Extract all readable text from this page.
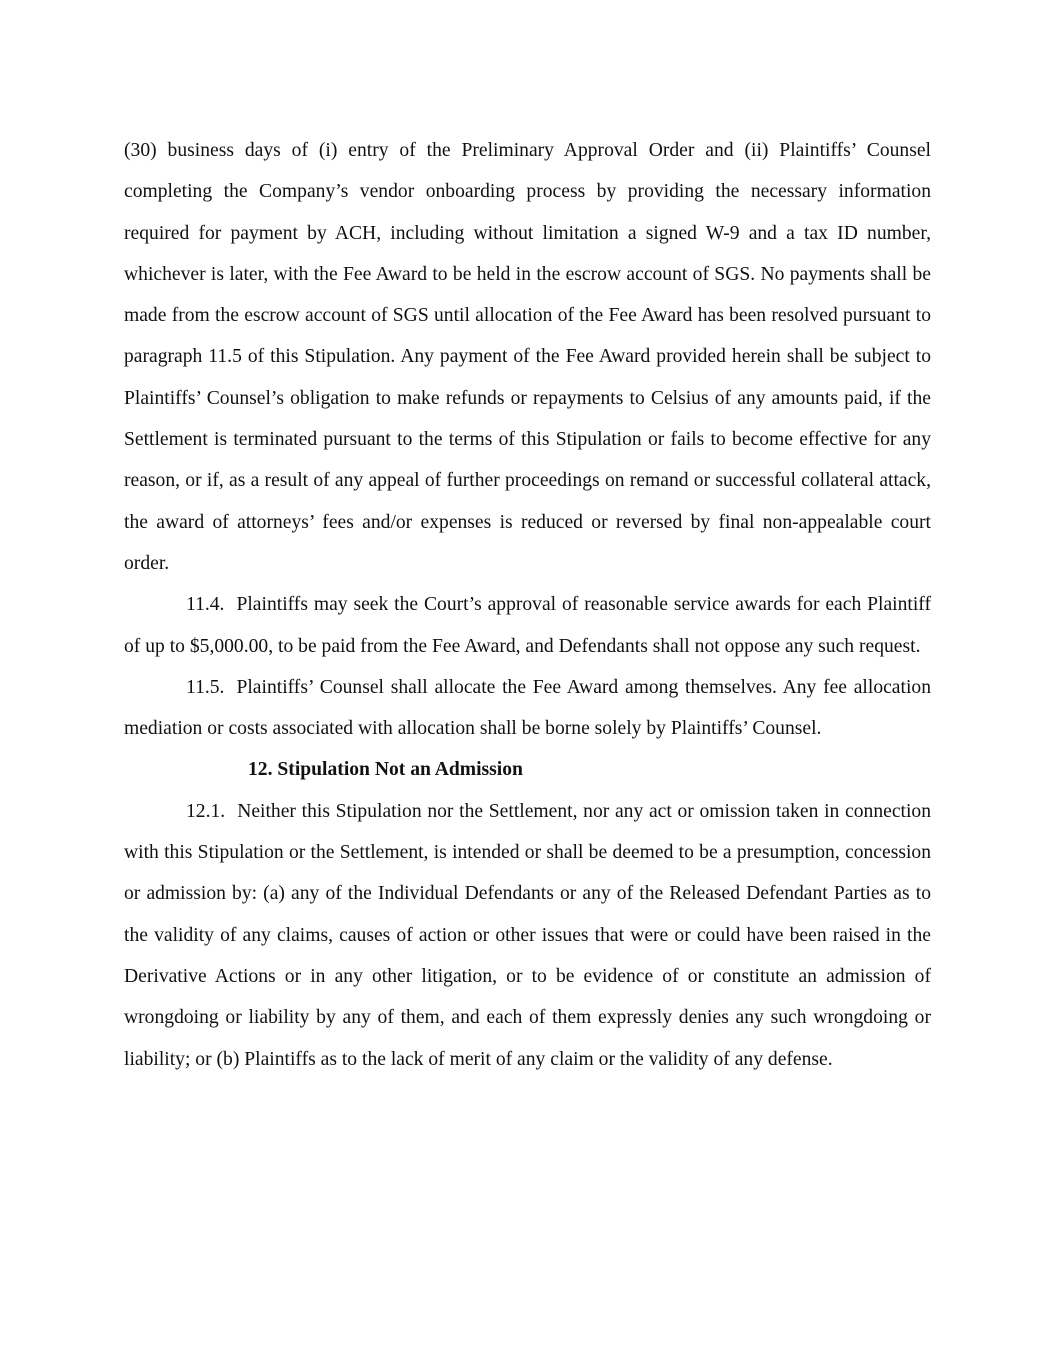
(30) business days of (i) entry of the Preliminary Approval Order and (ii) Plaintiffs’ Counsel completing the Company’s vendor onboarding process by providing the necessary information required for payment by ACH, including without limitation a signed W-9 and a tax ID number, whichever is later, with the Fee Award to be held in the escrow account of SGS. No payments shall be made from the escrow account of SGS until allocation of the Fee Award has been resolved pursuant to paragraph 11.5 of this Stipulation. Any payment of the Fee Award provided herein shall be subject to Plaintiffs’ Counsel’s obligation to make refunds or repayments to Celsius of any amounts paid, if the Settlement is terminated pursuant to the terms of this Stipulation or fails to become effective for any reason, or if, as a result of any appeal of further proceedings on remand or successful collateral attack, the award of attorneys’ fees and/or expenses is reduced or reversed by final non-appealable court order.

11.4. Plaintiffs may seek the Court’s approval of reasonable service awards for each Plaintiff of up to $5,000.00, to be paid from the Fee Award, and Defendants shall not oppose any such request.

11.5. Plaintiffs’ Counsel shall allocate the Fee Award among themselves. Any fee allocation mediation or costs associated with allocation shall be borne solely by Plaintiffs’ Counsel.

12. Stipulation Not an Admission

12.1. Neither this Stipulation nor the Settlement, nor any act or omission taken in connection with this Stipulation or the Settlement, is intended or shall be deemed to be a presumption, concession or admission by: (a) any of the Individual Defendants or any of the Released Defendant Parties as to the validity of any claims, causes of action or other issues that were or could have been raised in the Derivative Actions or in any other litigation, or to be evidence of or constitute an admission of wrongdoing or liability by any of them, and each of them expressly denies any such wrongdoing or liability; or (b) Plaintiffs as to the lack of merit of any claim or the validity of any defense.
